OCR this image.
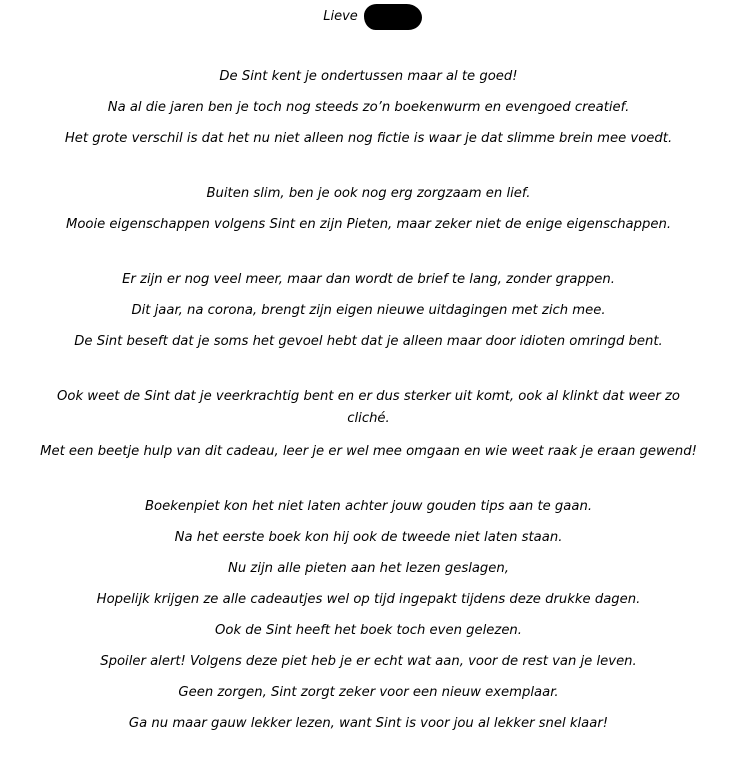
Lieve

De Sint kent je ondertussen maar al te goed!

Na al die jaren ben je toch nog steeds zo’n boekenwurm en evengoed creatief.

Het grote verschil is dat het nu niet alleen nog fictie is waar je dat slimme brein mee voedt.

Buiten slim, ben je ook nog erg zorgzaam en lief.

Mooie eigenschappen volgens Sint en zijn Pieten, maar zeker niet de enige eigenschappen.

Er zijn er nog veel meer, maar dan wordt de brief te lang, zonder grappen.

Dit jaar, na corona, brengt zijn eigen nieuwe uitdagingen met zich mee.

De Sint beseft dat je soms het gevoel hebt dat je alleen maar door idioten omringd bent.

Ook weet de Sint dat je veerkrachtig bent en er dus sterker uit komt, ook al klinkt dat weer zo cliché.

Met een beetje hulp van dit cadeau, leer je er wel mee omgaan en wie weet raak je eraan gewend!

Boekenpiet kon het niet laten achter jouw gouden tips aan te gaan.

Na het eerste boek kon hij ook de tweede niet laten staan.

Nu zijn alle pieten aan het lezen geslagen,

Hopelijk krijgen ze alle cadeautjes wel op tijd ingepakt tijdens deze drukke dagen.

Ook de Sint heeft het boek toch even gelezen.

Spoiler alert! Volgens deze piet heb je er echt wat aan, voor de rest van je leven.

Geen zorgen, Sint zorgt zeker voor een nieuw exemplaar.

Ga nu maar gauw lekker lezen, want Sint is voor jou al lekker snel klaar!
